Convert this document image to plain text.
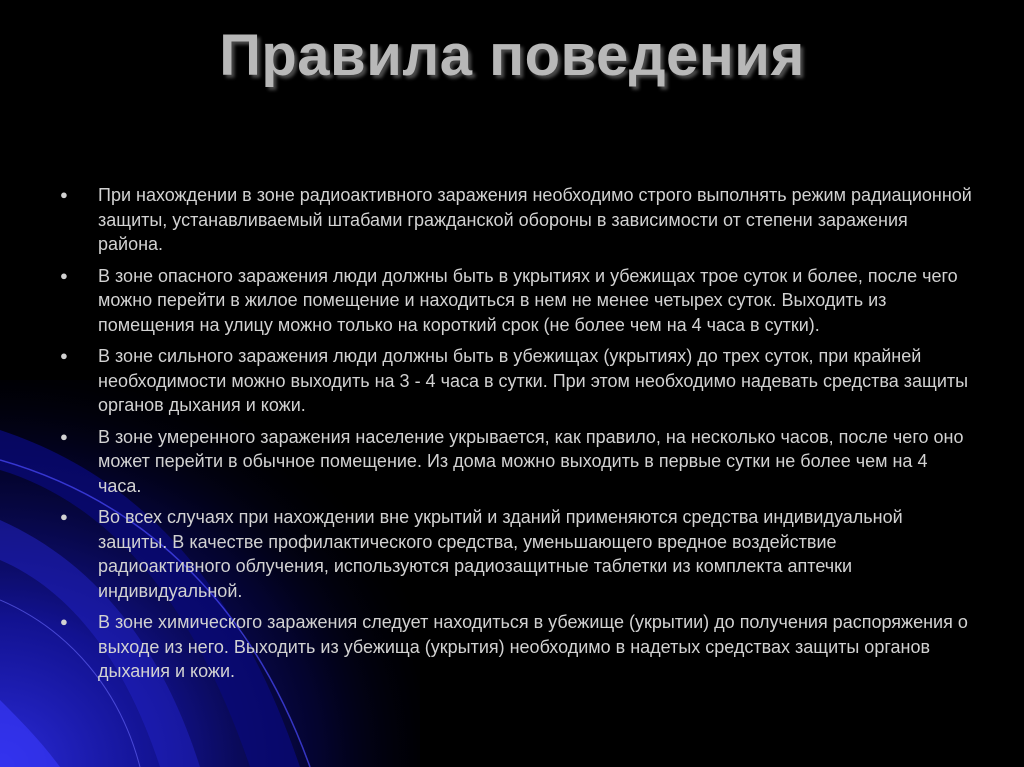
Правила поведения
● При нахождении в зоне радиоактивного заражения необходимо строго выполнять режим радиационной защиты, устанавливаемый штабами гражданской обороны в зависимости от степени заражения района.
● В зоне опасного заражения люди должны быть в укрытиях и убежищах трое суток и более, после чего можно перейти в жилое помещение и находиться в нем не менее четырех суток. Выходить из помещения на улицу можно только на короткий срок (не более чем на 4 часа в сутки).
● В зоне сильного заражения люди должны быть в убежищах (укрытиях) до трех суток, при крайней необходимости можно выходить на 3 - 4 часа в сутки. При этом необходимо надевать средства защиты органов дыхания и кожи.
● В зоне умеренного заражения население укрывается, как правило, на несколько часов, после чего оно может перейти в обычное помещение. Из дома можно выходить в первые сутки не более чем на 4 часа.
● Во всех случаях при нахождении вне укрытий и зданий применяются средства индивидуальной защиты. В качестве профилактического средства, уменьшающего вредное воздействие радиоактивного облучения, используются радиозащитные таблетки из комплекта аптечки индивидуальной.
● В зоне химического заражения следует находиться в убежище (укрытии) до получения распоряжения о выходе из него. Выходить из убежища (укрытия) необходимо в надетых средствах защиты органов дыхания и кожи.
